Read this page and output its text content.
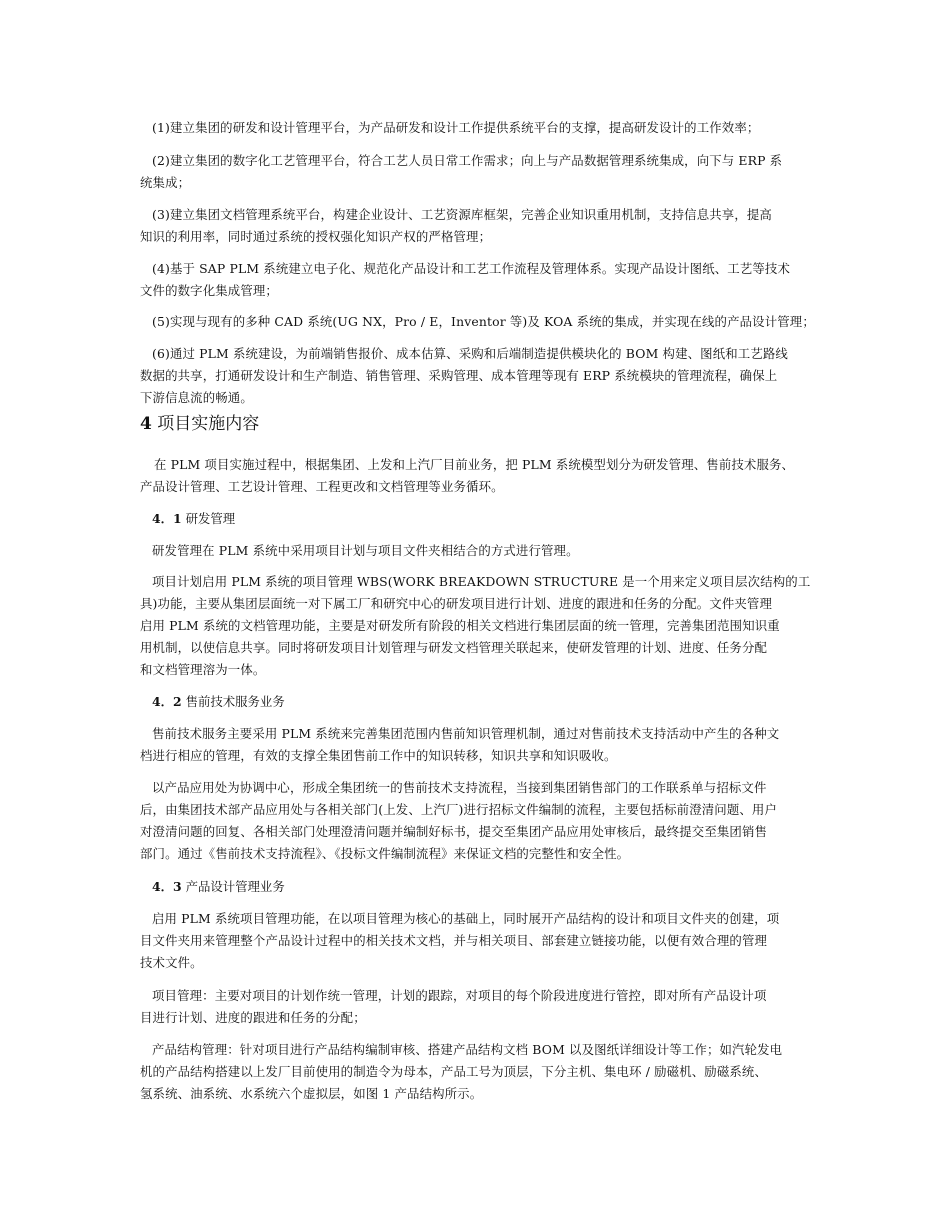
(1)建立集团的研发和设计管理平台，为产品研发和设计工作提供系统平台的支撑，提高研发设计的工作效率；
(2)建立集团的数字化工艺管理平台，符合工艺人员日常工作需求；向上与产品数据管理系统集成，向下与 ERP 系
统集成；
(3)建立集团文档管理系统平台，构建企业设计、工艺资源库框架，完善企业知识重用机制，支持信息共享，提高
知识的利用率，同时通过系统的授权强化知识产权的严格管理；
(4)基于 SAP PLM 系统建立电子化、规范化产品设计和工艺工作流程及管理体系。实现产品设计图纸、工艺等技术
文件的数字化集成管理；
(5)实现与现有的多种 CAD 系统(UG NX，Pro / E，Inventor 等)及 KOA 系统的集成，并实现在线的产品设计管理；
(6)通过 PLM 系统建设，为前端销售报价、成本估算、采购和后端制造提供模块化的 BOM 构建、图纸和工艺路线
数据的共享，打通研发设计和生产制造、销售管理、采购管理、成本管理等现有 ERP 系统模块的管理流程，确保上
下游信息流的畅通。
4 项目实施内容
在 PLM 项目实施过程中，根据集团、上发和上汽厂目前业务，把 PLM 系统模型划分为研发管理、售前技术服务、
产品设计管理、工艺设计管理、工程更改和文档管理等业务循环。
4．1 研发管理
研发管理在 PLM 系统中采用项目计划与项目文件夹相结合的方式进行管理。
项目计划启用 PLM 系统的项目管理 WBS(WORK BREAKDOWN STRUCTURE 是一个用来定义项目层次结构的工
具)功能，主要从集团层面统一对下属工厂和研究中心的研发项目进行计划、进度的跟进和任务的分配。文件夹管理
启用 PLM 系统的文档管理功能，主要是对研发所有阶段的相关文档进行集团层面的统一管理，完善集团范围知识重
用机制，以使信息共享。同时将研发项目计划管理与研发文档管理关联起来，使研发管理的计划、进度、任务分配
和文档管理溶为一体。
4．2 售前技术服务业务
售前技术服务主要采用 PLM 系统来完善集团范围内售前知识管理机制，通过对售前技术支持活动中产生的各种文
档进行相应的管理，有效的支撑全集团售前工作中的知识转移，知识共享和知识吸收。
以产品应用处为协调中心，形成全集团统一的售前技术支持流程，当接到集团销售部门的工作联系单与招标文件
后，由集团技术部产品应用处与各相关部门(上发、上汽厂)进行招标文件编制的流程，主要包括标前澄清问题、用户
对澄清问题的回复、各相关部门处理澄清问题并编制好标书，提交至集团产品应用处审核后，最终提交至集团销售
部门。通过《售前技术支持流程》、《投标文件编制流程》来保证文档的完整性和安全性。
4．3 产品设计管理业务
启用 PLM 系统项目管理功能，在以项目管理为核心的基础上，同时展开产品结构的设计和项目文件夹的创建，项
目文件夹用来管理整个产品设计过程中的相关技术文档，并与相关项目、部套建立链接功能，以便有效合理的管理
技术文件。
项目管理：主要对项目的计划作统一管理，计划的跟踪，对项目的每个阶段进度进行管控，即对所有产品设计项
目进行计划、进度的跟进和任务的分配；
产品结构管理：针对项目进行产品结构编制审核、搭建产品结构文档 BOM 以及图纸详细设计等工作；如汽轮发电
机的产品结构搭建以上发厂目前使用的制造令为母本，产品工号为顶层，下分主机、集电环 / 励磁机、励磁系统、
氢系统、油系统、水系统六个虚拟层，如图 1 产品结构所示。
